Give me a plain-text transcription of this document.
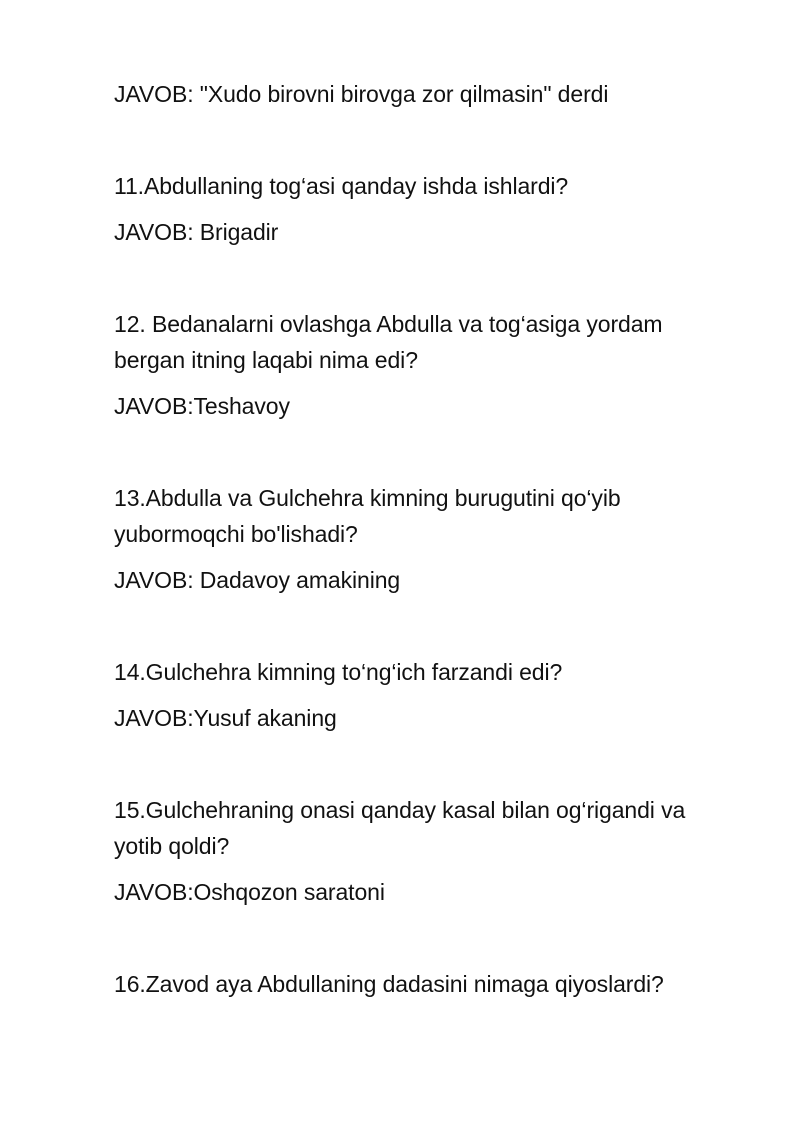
JAVOB: "Xudo birovni birovga zor qilmasin" derdi
11.Abdullaning tog‘asi qanday ishda ishlardi?
JAVOB: Brigadir
12. Bedanalarni ovlashga Abdulla va tog‘asiga yordam
bergan itning laqabi nima edi?
JAVOB:Teshavoy
13.Abdulla va Gulchehra kimning burugutini qo‘yib
yubormoqchi bo'lishadi?
JAVOB: Dadavoy amakining
14.Gulchehra kimning to‘ng‘ich farzandi edi?
JAVOB:Yusuf akaning
15.Gulchehraning onasi qanday kasal bilan og‘rigandi va
yotib qoldi?
JAVOB:Oshqozon saratoni
16.Zavod aya Abdullaning dadasini nimaga qiyoslardi?
